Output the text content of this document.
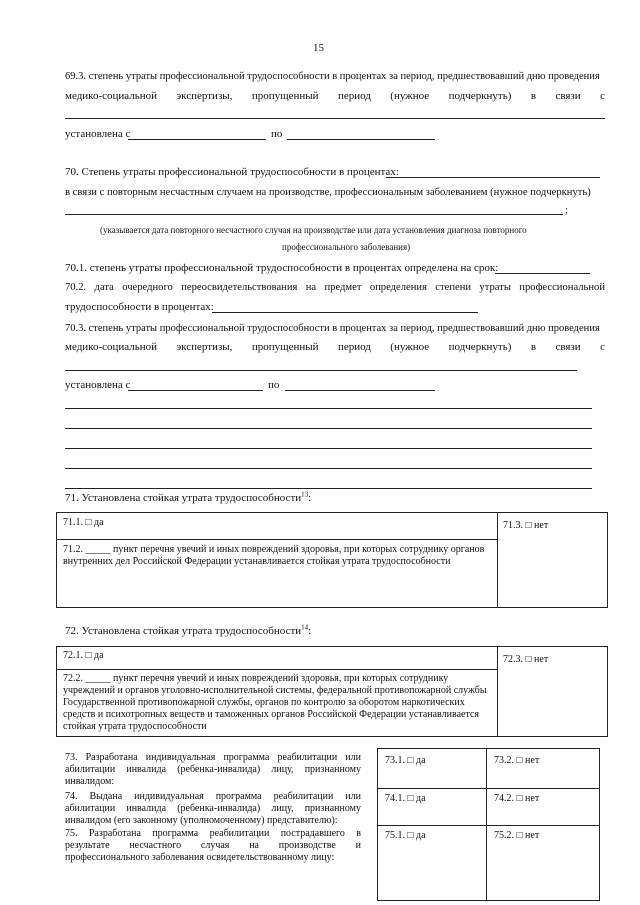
15
69.3. степень утраты профессиональной трудоспособности в процентах за период, предшествовавший дню проведения
медико-социальной экспертизы, пропущенный период (нужное подчеркнуть) в связи с
установлена с	по
70. Степень утраты профессиональной трудоспособности в процентах:
в связи с повторным несчастным случаем на производстве, профессиональным заболеванием (нужное подчеркнуть)
;
(указывается дата повторного несчастного случая на производстве или дата установления диагноза повторного
профессионального заболевания)
70.1. степень утраты профессиональной трудоспособности в процентах определена на срок:
70.2. дата очередного переосвидетельствования на предмет определения степени утраты профессиональной
трудоспособности в процентах:
70.3. степень утраты профессиональной трудоспособности в процентах за период, предшествовавший дню проведения
медико-социальной экспертизы, пропущенный период (нужное подчеркнуть) в связи с
установлена с	по
71. Установлена стойкая утрата трудоспособности$^{13}$:
71.1. □ да	71.3. □ нет
71.2. _____ пункт перечня увечий и иных повреждений здоровья, при которых сотруднику органов внутренних дел Российской Федерации устанавливается стойкая утрата трудоспособности
72. Установлена стойкая утрата трудоспособности$^{14}$:
72.1. □ да	72.3. □ нет
72.2. _____ пункт перечня увечий и иных повреждений здоровья, при которых сотруднику учреждений и органов уголовно-исполнительной системы, федеральной противопожарной службы Государственной противопожарной службы, органов по контролю за оборотом наркотических средств и психотропных веществ и таможенных органов Российской Федерации устанавливается стойкая утрата трудоспособности
73. Разработана индивидуальная программа реабилитации или абилитации инвалида (ребенка-инвалида) лицу, признанному инвалидом:
74. Выдана индивидуальная программа реабилитации или абилитации инвалида (ребенка-инвалида) лицу, признанному инвалидом (его законному (уполномоченному) представителю):
75. Разработана программа реабилитации пострадавшего в результате несчастного случая на производстве и профессионального заболевания освидетельствованному лицу:
73.1. □ да	73.2. □ нет
74.1. □ да	74.2. □ нет
75.1. □ да	75.2. □ нет
